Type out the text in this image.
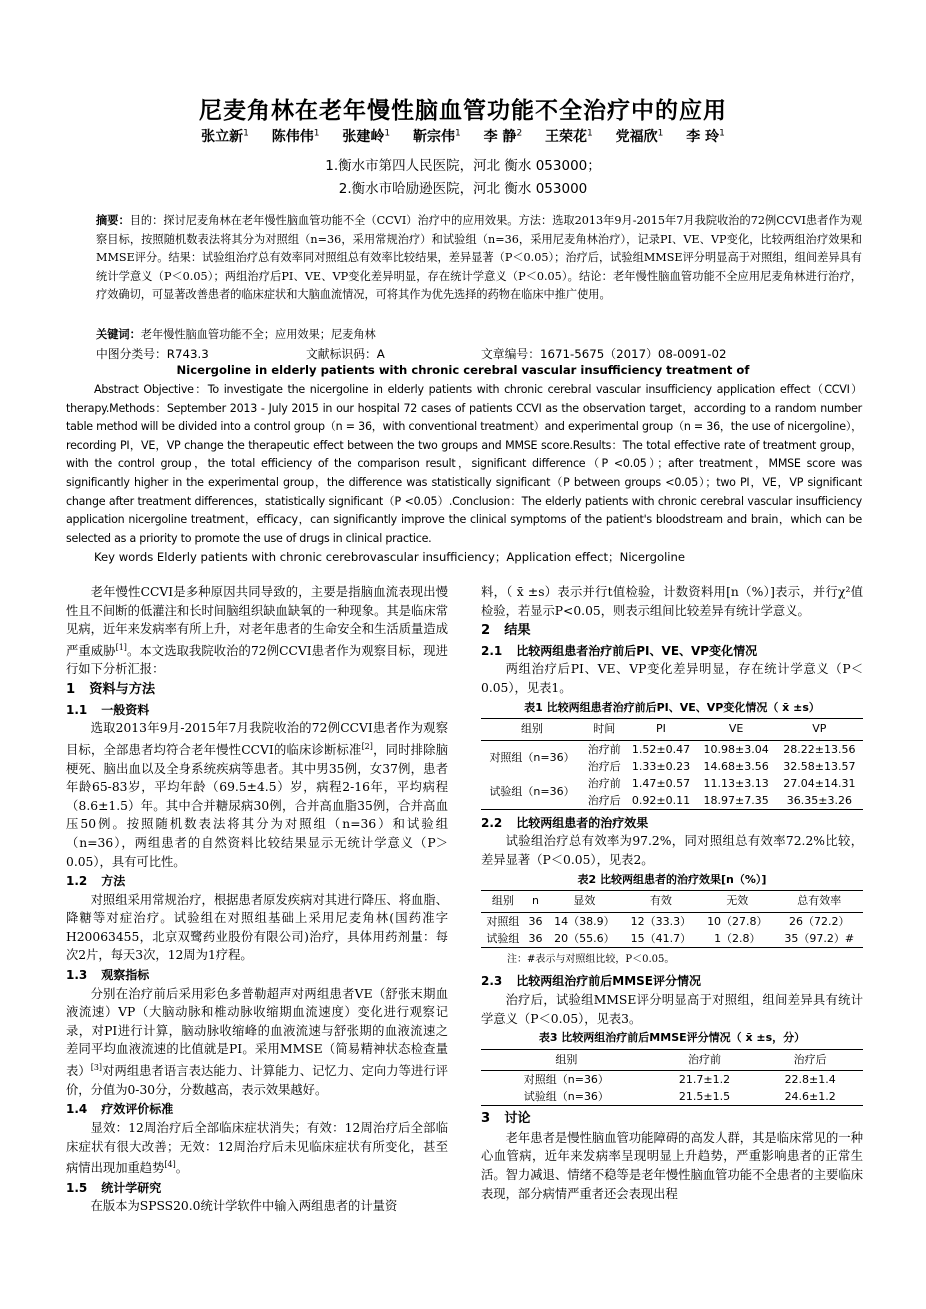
尼麦角林在老年慢性脑血管功能不全治疗中的应用
张立新$^1$ 陈伟伟$^1$ 张建岭$^1$ 靳宗伟$^1$ 李 静$^2$ 王荣花$^1$ 党福欣$^1$ 李 玲$^1$
1.衡水市第四人民医院，河北 衡水 053000；
2.衡水市哈励逊医院，河北 衡水 053000
摘要：目的：探讨尼麦角林在老年慢性脑血管功能不全（CCVI）治疗中的应用效果。方法：选取2013年9月-2015年7月我院收治的72例CCVI患者作为观察目标，按照随机数表法将其分为对照组（n=36，采用常规治疗）和试验组（n=36，采用尼麦角林治疗），记录PI、VE、VP变化，比较两组治疗效果和MMSE评分。结果：试验组治疗总有效率同对照组总有效率比较结果，差异显著（P＜0.05）；治疗后，试验组MMSE评分明显高于对照组，组间差异具有统计学意义（P＜0.05）；两组治疗后PI、VE、VP变化差异明显，存在统计学意义（P＜0.05）。结论：老年慢性脑血管功能不全应用尼麦角林进行治疗，疗效确切，可显著改善患者的临床症状和大脑血流情况，可将其作为优先选择的药物在临床中推广使用。
关键词：老年慢性脑血管功能不全；应用效果；尼麦角林
中图分类号：R743.3	文献标识码：A	文章编号：1671-5675（2017）08-0091-02
Nicergoline in elderly patients with chronic cerebral vascular insufficiency treatment of

Abstract Objective：To investigate the nicergoline in elderly patients with chronic cerebral vascular insufficiency application effect（CCVI）therapy.Methods：September 2013 - July 2015 in our hospital 72 cases of patients CCVI as the observation target，according to a random number table method will be divided into a control group（n = 36，with conventional treatment）and experimental group（n = 36，the use of nicergoline），recording PI，VE，VP change the therapeutic effect between the two groups and MMSE score.Results：The total effective rate of treatment group，with the control group，the total efficiency of the comparison result，significant difference（P <0.05）；after treatment，MMSE score was significantly higher in the experimental group，the difference was statistically significant（P between groups <0.05）；two PI，VE，VP significant change after treatment differences，statistically significant（P <0.05）.Conclusion：The elderly patients with chronic cerebral vascular insufficiency application nicergoline treatment，efficacy，can significantly improve the clinical symptoms of the patient's bloodstream and brain，which can be selected as a priority to promote the use of drugs in clinical practice.

Key words Elderly patients with chronic cerebrovascular insufficiency；Application effect；Nicergoline

老年慢性CCVI是多种原因共同导致的，主要是指脑血流表现出慢性且不间断的低灌注和长时间脑组织缺血缺氧的一种现象。其是临床常见病，近年来发病率有所上升，对老年患者的生命安全和生活质量造成严重威胁[1]。本文选取我院收治的72例CCVI患者作为观察目标，现进行如下分析汇报：

1 资料与方法
1.1 一般资料

选取2013年9月-2015年7月我院收治的72例CCVI患者作为观察目标，全部患者均符合老年慢性CCVI的临床诊断标准[2]，同时排除脑梗死、脑出血以及全身系统疾病等患者。其中男35例，女37例，患者年龄65-83岁，平均年龄（69.5±4.5）岁，病程2-16年，平均病程（8.6±1.5）年。其中合并糖尿病30例，合并高血脂35例，合并高血压50例。按照随机数表法将其分为对照组（n=36）和试验组（n=36），两组患者的自然资料比较结果显示无统计学意义（P＞0.05），具有可比性。

1.2 方法

对照组采用常规治疗，根据患者原发疾病对其进行降压、将血脂、降糖等对症治疗。试验组在对照组基础上采用尼麦角林(国药准字H20063455，北京双鹭药业股份有限公司)治疗，具体用药剂量：每次2片，每天3次，12周为1疗程。

1.3 观察指标

分别在治疗前后采用彩色多普勒超声对两组患者VE（舒张末期血液流速）VP（大脑动脉和椎动脉收缩期血流速度）变化进行观察记录，对PI进行计算，脑动脉收缩峰的血液流速与舒张期的血液流速之差同平均血液流速的比值就是PI。采用MMSE（简易精神状态检查量表）[3]对两组患者语言表达能力、计算能力、记忆力、定向力等进行评价，分值为0-30分，分数越高，表示效果越好。

1.4 疗效评价标准

显效：12周治疗后全部临床症状消失；有效：12周治疗后全部临床症状有很大改善；无效：12周治疗后未见临床症状有所变化，甚至病情出现加重趋势[4]。

1.5 统计学研究

在版本为SPSS20.0统计学软件中输入两组患者的计量资

料，（ x̄ ±s）表示并行t值检验，计数资料用[n（%）]表示，并行χ²值检验，若显示P<0.05，则表示组间比较差异有统计学意义。

2 结果
2.1 比较两组患者治疗前后PI、VE、VP变化情况

两组治疗后PI、VE、VP变化差异明显，存在统计学意义（P＜0.05），见表1。

表1 比较两组患者治疗前后PI、VE、VP变化情况（ x̄ ±s）
组别	时间	PI	VE	VP
对照组（n=36）	治疗前	1.52±0.47	10.98±3.04	28.22±13.56
	治疗后	1.33±0.23	14.68±3.56	32.58±13.57
试验组（n=36）	治疗前	1.47±0.57	11.13±3.13	27.04±14.31
	治疗后	0.92±0.11	18.97±7.35	36.35±3.26
2.2 比较两组患者的治疗效果

试验组治疗总有效率为97.2%，同对照组总有效率72.2%比较，差异显著（P＜0.05），见表2。

表2 比较两组患者的治疗效果[n（%）]
组别	n	显效	有效	无效	总有效率
对照组	36	14（38.9）	12（33.3）	10（27.8）	26（72.2）
试验组	36	20（55.6）	15（41.7）	1（2.8）	35（97.2）#
注：#表示与对照组比较，P＜0.05。
2.3 比较两组治疗前后MMSE评分情况

治疗后，试验组MMSE评分明显高于对照组，组间差异具有统计学意义（P＜0.05），见表3。

表3 比较两组治疗前后MMSE评分情况（ x̄ ±s，分）
组别	治疗前	治疗后
对照组（n=36）	21.7±1.2	22.8±1.4
试验组（n=36）	21.5±1.5	24.6±1.2
3 讨论

老年患者是慢性脑血管功能障碍的高发人群，其是临床常见的一种心血管病，近年来发病率呈现明显上升趋势，严重影响患者的正常生活。智力减退、情绪不稳等是老年慢性脑血管功能不全患者的主要临床表现，部分病情严重者还会表现出程
